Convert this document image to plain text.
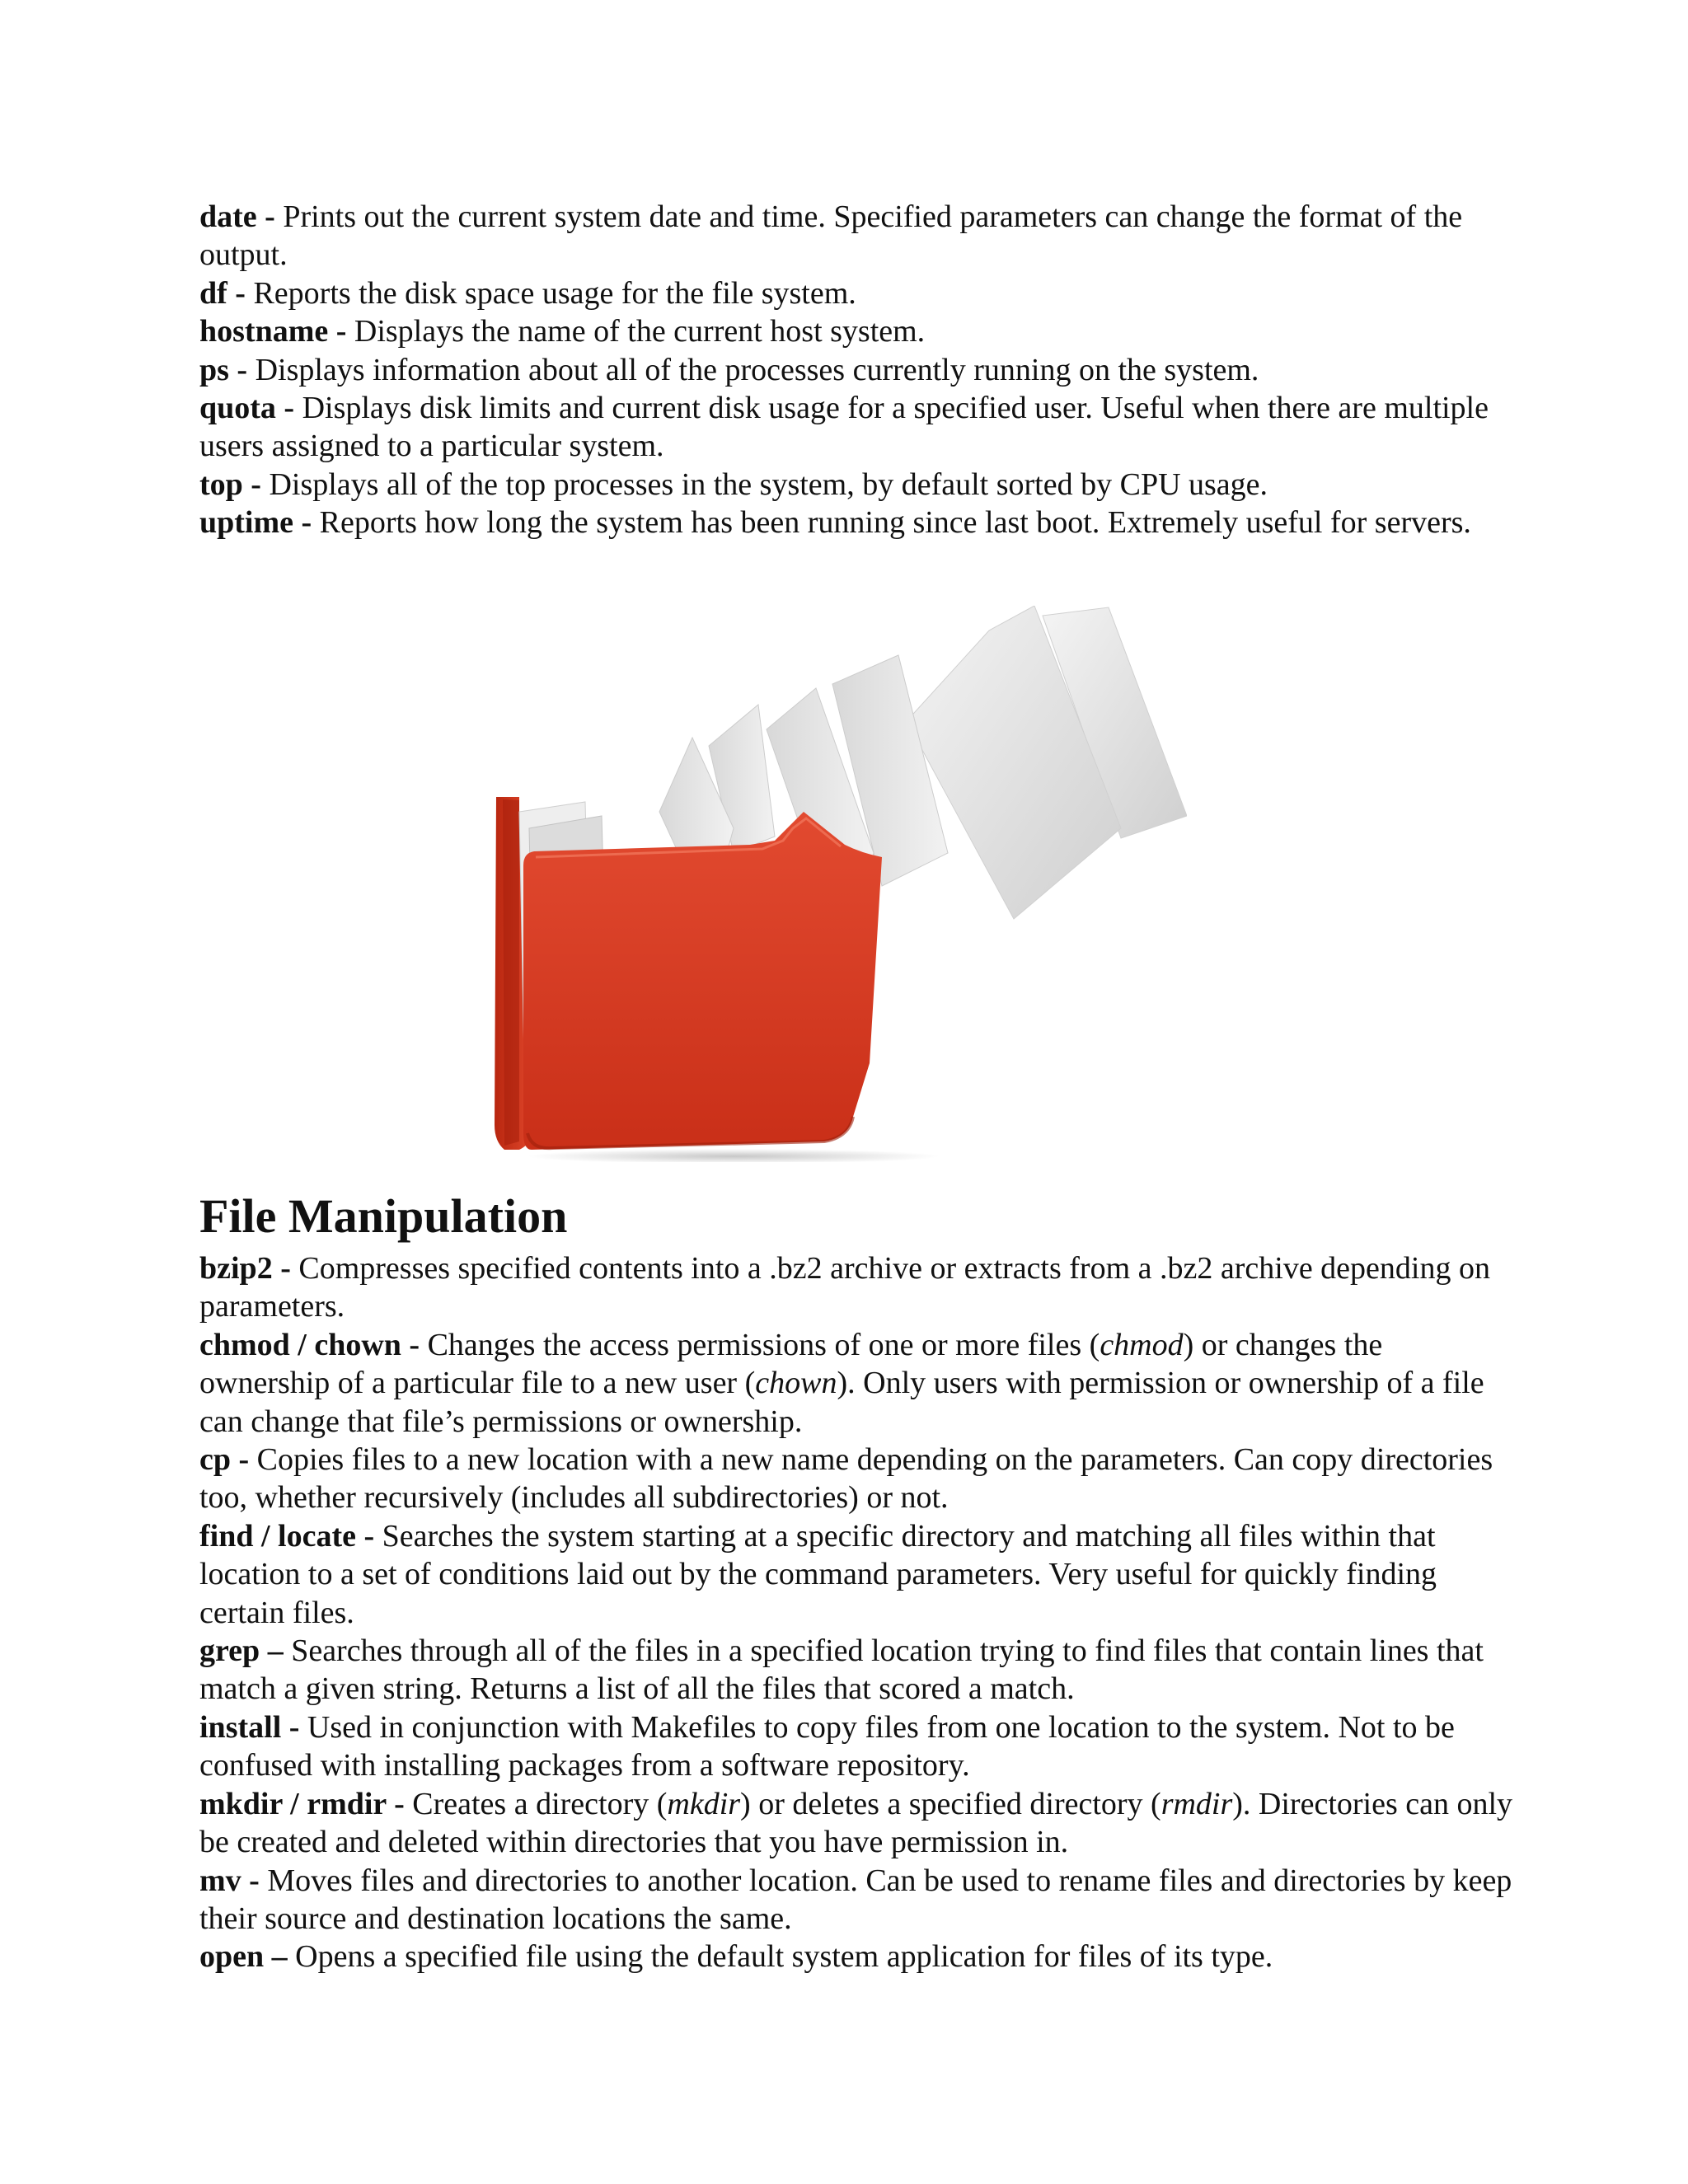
date - Prints out the current system date and time. Specified parameters can change the format of the output.

df - Reports the disk space usage for the file system.

hostname - Displays the name of the current host system.

ps - Displays information about all of the processes currently running on the system.

quota - Displays disk limits and current disk usage for a specified user. Useful when there are multiple users assigned to a particular system.

top - Displays all of the top processes in the system, by default sorted by CPU usage.

uptime - Reports how long the system has been running since last boot. Extremely useful for servers.

File Manipulation

bzip2 - Compresses specified contents into a .bz2 archive or extracts from a .bz2 archive depending on parameters.

chmod / chown - Changes the access permissions of one or more files (chmod) or changes the ownership of a particular file to a new user (chown). Only users with permission or ownership of a file can change that file’s permissions or ownership.

cp - Copies files to a new location with a new name depending on the parameters. Can copy directories too, whether recursively (includes all subdirectories) or not.

find / locate - Searches the system starting at a specific directory and matching all files within that location to a set of conditions laid out by the command parameters. Very useful for quickly finding certain files.

grep – Searches through all of the files in a specified location trying to find files that contain lines that match a given string. Returns a list of all the files that scored a match.

install - Used in conjunction with Makefiles to copy files from one location to the system. Not to be confused with installing packages from a software repository.

mkdir / rmdir - Creates a directory (mkdir) or deletes a specified directory (rmdir). Directories can only be created and deleted within directories that you have permission in.

mv - Moves files and directories to another location. Can be used to rename files and directories by keep their source and destination locations the same.

open – Opens a specified file using the default system application for files of its type.
